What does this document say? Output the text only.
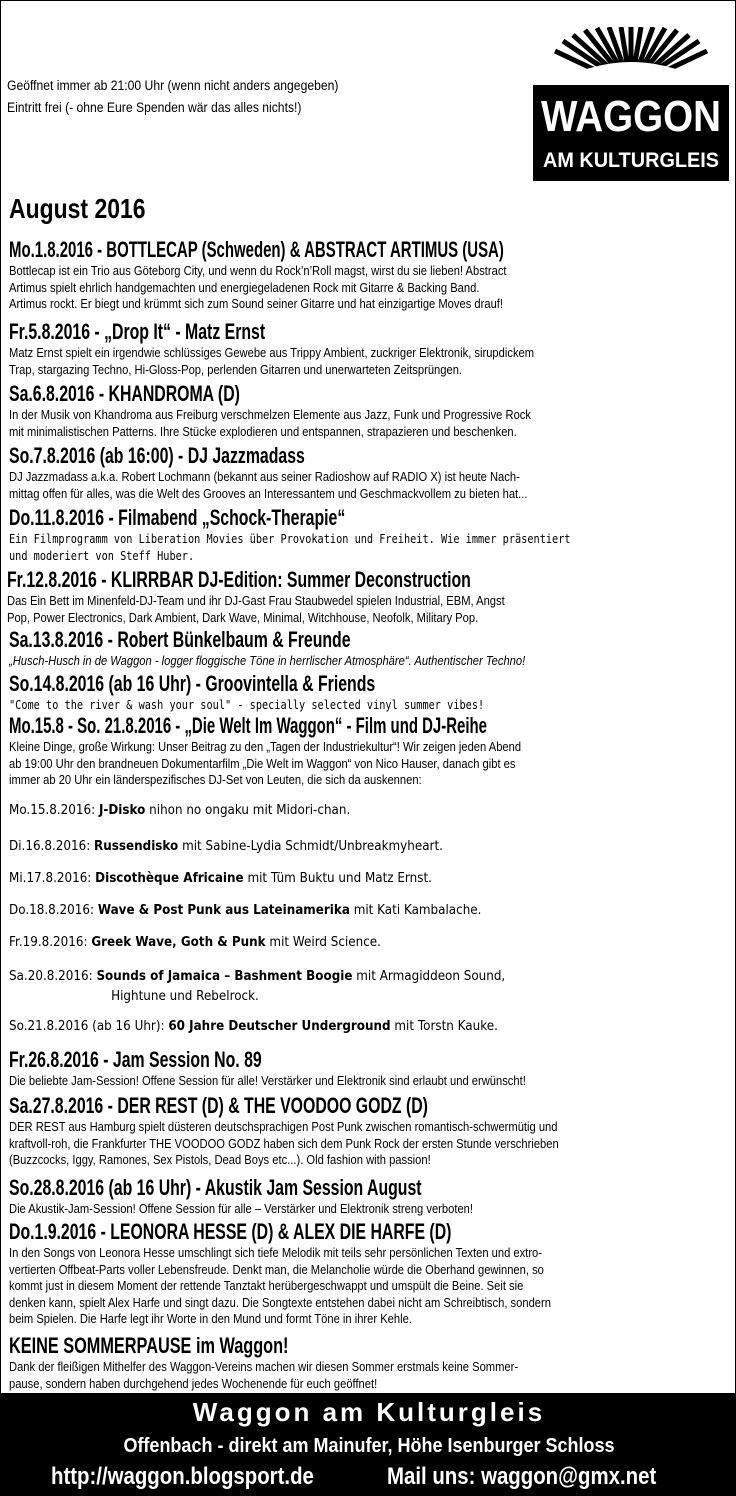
Geöffnet immer ab 21:00 Uhr (wenn nicht anders angegeben)
Eintritt frei (- ohne Eure Spenden wär das alles nichts!)	WAGGON
AM KULTURGLEIS
August 2016
Mo.1.8.2016 - BOTTLECAP (Schweden) & ABSTRACT ARTIMUS (USA)

Bottlecap ist ein Trio aus Göteborg City, und wenn du Rock’n’Roll magst, wirst du sie lieben! Abstract

Artimus spielt ehrlich handgemachten und energiegeladenen Rock mit Gitarre & Backing Band.

Artimus rockt. Er biegt und krümmt sich zum Sound seiner Gitarre und hat einzigartige Moves drauf!

Fr.5.8.2016 - „Drop It“ - Matz Ernst

Matz Ernst spielt ein irgendwie schlüssiges Gewebe aus Trippy Ambient, zuckriger Elektronik, sirupdickem

Trap, stargazing Techno, Hi-Gloss-Pop, perlenden Gitarren und unerwarteten Zeitsprüngen.

Sa.6.8.2016 - KHANDROMA (D)

In der Musik von Khandroma aus Freiburg verschmelzen Elemente aus Jazz, Funk und Progressive Rock

mit minimalistischen Patterns. Ihre Stücke explodieren und entspannen, strapazieren und beschenken.

So.7.8.2016 (ab 16:00) - DJ Jazzmadass

DJ Jazzmadass a.k.a. Robert Lochmann (bekannt aus seiner Radioshow auf RADIO X) ist heute Nach-

mittag offen für alles, was die Welt des Grooves an Interessantem und Geschmackvollem zu bieten hat...

Do.11.8.2016 - Filmabend „Schock-Therapie“

Ein Filmprogramm von Liberation Movies über Provokation und Freiheit. Wie immer präsentiert

und moderiert von Steff Huber.

Fr.12.8.2016 - KLIRRBAR DJ-Edition: Summer Deconstruction

Das Ein Bett im Minenfeld-DJ-Team und ihr DJ-Gast Frau Staubwedel spielen Industrial, EBM, Angst

Pop, Power Electronics, Dark Ambient, Dark Wave, Minimal, Witchhouse, Neofolk, Military Pop.

Sa.13.8.2016 - Robert Bünkelbaum & Freunde

„Husch-Husch in de Waggon - logger floggische Töne in herrlischer Atmosphäre“. Authentischer Techno!

So.14.8.2016 (ab 16 Uhr) - Groovintella & Friends

"Come to the river & wash your soul" - specially selected vinyl summer vibes!

Mo.15.8 - So. 21.8.2016 - „Die Welt Im Waggon“ - Film und DJ-Reihe

Kleine Dinge, große Wirkung: Unser Beitrag zu den „Tagen der Industriekultur“! Wir zeigen jeden Abend

ab 19:00 Uhr den brandneuen Dokumentarfilm „Die Welt im Waggon“ von Nico Hauser, danach gibt es

immer ab 20 Uhr ein länderspezifisches DJ-Set von Leuten, die sich da auskennen:

Mo.15.8.2016: J-Disko nihon no ongaku mit Midori-chan.
Di.16.8.2016: Russendisko mit Sabine-Lydia Schmidt/Unbreakmyheart.
Mi.17.8.2016: Discothèque Africaine mit Tüm Buktu und Matz Ernst.
Do.18.8.2016: Wave & Post Punk aus Lateinamerika mit Kati Kambalache.
Fr.19.8.2016: Greek Wave, Goth & Punk mit Weird Science.
Sa.20.8.2016: Sounds of Jamaica – Bashment Boogie mit Armagiddeon Sound,
Hightune und Rebelrock.
So.21.8.2016 (ab 16 Uhr): 60 Jahre Deutscher Underground mit Torstn Kauke.
Fr.26.8.2016 - Jam Session No. 89

Die beliebte Jam-Session! Offene Session für alle! Verstärker und Elektronik sind erlaubt und erwünscht!

Sa.27.8.2016 - DER REST (D) & THE VOODOO GODZ (D)

DER REST aus Hamburg spielt düsteren deutschsprachigen Post Punk zwischen romantisch-schwermütig und

kraftvoll-roh, die Frankfurter THE VOODOO GODZ haben sich dem Punk Rock der ersten Stunde verschrieben

(Buzzcocks, Iggy, Ramones, Sex Pistols, Dead Boys etc...). Old fashion with passion!

So.28.8.2016 (ab 16 Uhr) - Akustik Jam Session August

Die Akustik-Jam-Session! Offene Session für alle – Verstärker und Elektronik streng verboten!

Do.1.9.2016 - LEONORA HESSE (D) & ALEX DIE HARFE (D)

In den Songs von Leonora Hesse umschlingt sich tiefe Melodik mit teils sehr persönlichen Texten und extro-

vertierten Offbeat-Parts voller Lebensfreude. Denkt man, die Melancholie würde die Oberhand gewinnen, so

kommt just in diesem Moment der rettende Tanztakt herübergeschwappt und umspült die Beine. Seit sie

denken kann, spielt Alex Harfe und singt dazu. Die Songtexte entstehen dabei nicht am Schreibtisch, sondern

beim Spielen. Die Harfe legt ihr Worte in den Mund und formt Töne in ihrer Kehle.

KEINE SOMMERPAUSE im Waggon!

Dank der fleißigen Mithelfer des Waggon-Vereins machen wir diesen Sommer erstmals keine Sommer-

pause, sondern haben durchgehend jedes Wochenende für euch geöffnet!

Waggon am Kulturgleis
Offenbach - direkt am Mainufer, Höhe Isenburger Schloss
http://waggon.blogsport.de	Mail uns: waggon@gmx.net
